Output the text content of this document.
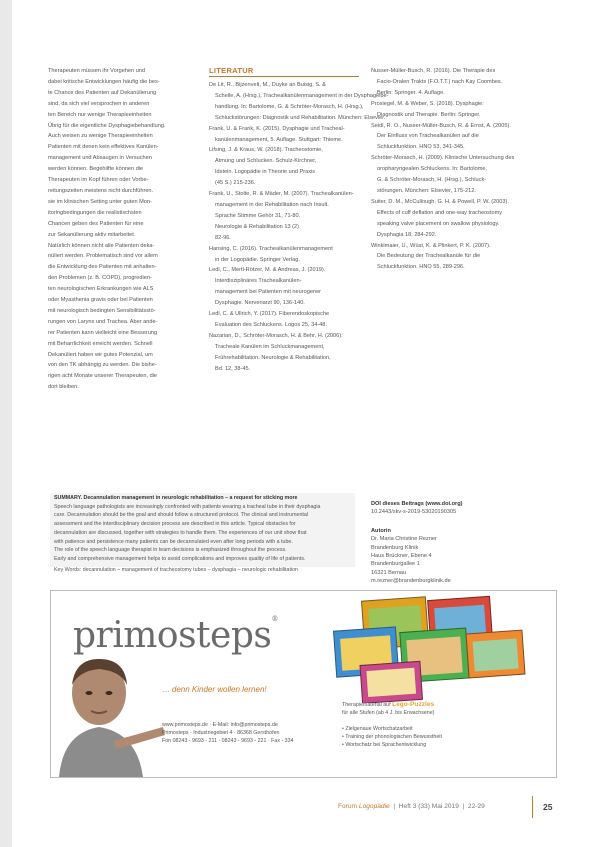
Therapeuten müssen ihr Vorgehen und

dabei kritische Entwicklungen häufig die bes-

te Chance des Patienten auf Dekanülierung

sind, da sich viel versprochen in anderen

ten Bereich nur wenige Therapieeinheiten

Übrig für die eigentliche Dysphagiebehandlung.

Auch weisen zu wenige Therapieeinheiten

Patienten mit denen kein effektives Kanülen-

management und Absaugen in Versuchen

werden können. Begehilfte können die

Therapeuten im Kopf führen oder Vorbe-

reitungszeiten meistens nicht durchführen.

sie im klinischen Setting unter guten Mon-

itoringbedingungen die realistischsten

Chancen geben des Patienten für eine

zur Sekanülierung aktiv mitarbeitet.

Natürlich können nicht alle Patienten deka-

nüliert werden. Problematisch sind vor allem

die Entwicklung des Patienten mit anhalten-

den Problemen (z. B. COPD), progredien-

ten neurologischen Erkrankungen wie ALS

oder Myasthenia gravis oder bei Patienten

mit neurologisch bedingten Sensibilitätsstö-

rungen von Larynx und Trachea. Aber ande-

rer Patienten kann vielleicht eine Besserung

mit Beharrlichkeit erreicht werden. Schnell

Dekanüliert haben wir gutes Potenzial, um

von den TK abhängig zu werden. Die bishe-

rigen acht Monate unserer Therapeuten, die

dort bleiben.

LITERATUR

De Lit, R., Bijzenvelt, M., Duyke an Buisig, S. &

Schelle, A. (Hrsg.), Trachealkanülenmanagement in der Dysphagiebe-

handlung. In: Bartolome, G. & Schröter-Morasch, H. (Hrsg.),

Schluckstörungen: Diagnostik und Rehabilitation. München: Elsevier.

Frank, U. & Frank, K. (2015). Dysphagie und Tracheal-

kanülenmanagement, 5. Auflage. Stuttgart: Thieme.

Lifsing, J. & Kraus, W. (2018). Tracheostomie,

Atmung und Schlucken. Schulz-Kirchner,

Idstein. Logopädie in Theorie und Praxis

(45 S.) 215-236.

Frank, U., Stolte, R. & Mäder, M. (2007). Trachealkanülen-

management in der Rehabilitation nach Insult.

Sprache Stimme Gehör 31, 71-80.

Neurologie & Rehabilitation 13 (2)

82-96.

Hansing, C. (2016). Trachealkanülenmanagement

in der Logopädie. Springer Verlag.

Ledl, C., Mertl-Rötzer, M. & Andreas, J. (2019).

Interdisziplinäres Trachealkanülen-

management bei Patienten mit neurogener

Dysphagie. Nervenarzt 90, 136-140.

Ledl, C. & Ullrich, Y. (2017). Fiberendoskopische

Evaluation des Schluckens. Logos 25, 34-48.

Nazarian, D., Schröter-Morasch, H. & Behr, H. (2006).

Tracheale Kanülen im Schluckmanagement,

Frührehabilitation. Neurologie & Rehabilitation,

Bd. 12, 38-45.

Nusser-Müller-Busch, R. (2016). Die Therapie des

Facio-Oralen Trakts (F.O.T.T.) nach Kay Coombes.

Berlin: Springer. 4. Auflage.

Prosiegel, M. & Weber, S. (2018). Dysphagie:

Diagnostik und Therapie. Berlin: Springer.

Seidl, R. O., Nusser-Müller-Busch, R. & Ernst, A. (2005).

Der Einfluss von Trachealkanülen auf die

Schluckfunktion. HNO 53, 341-345.

Schröter-Morasch, H. (2009). Klinische Untersuchung des

oropharyngealen Schluckens. In: Bartolome,

G. & Schröter-Morasch, H. (Hrsg.), Schluck-

störungen. München: Elsevier, 175-212.

Suiter, D. M., McCullough, G. H. & Powell, P. W. (2003).

Effects of cuff deflation and one-way tracheostomy

speaking valve placement on swallow physiology.

Dysphagia 18, 284-292.

Winklmaier, U., Wüst, K. & Plinkert, P. K. (2007).

Die Bedeutung der Trachealkanüle für die

Schluckfunktion. HNO 55, 289-296.

SUMMARY. Decannulation management in neurologic rehabilitation – a request for sticking more

Speech language pathologists are increasingly confronted with patients wearing a tracheal tube in their dysphagia

care. Decannulation should be the goal and should follow a structured protocol. The clinical and instrumental

assessment and the interdisciplinary decision process are described in this article. Typical obstacles for

decannulation are discussed, together with strategies to handle them. The experiences of our unit show that

with patience and persistence many patients can be decannulated even after long periods with a tube.

The role of the speech language therapist in team decisions is emphasized throughout the process.

Early and comprehensive management helps to avoid complications and improves quality of life of patients.

Key Words: decannulation – management of tracheostomy tubes – dysphagia – neurologic rehabilitation

DOI dieses Beitrags (www.doi.org)

10.2443/skv-s-2019-53020190305

Autorin

Dr. Maria Christine Rezner

Brandenburg Klinik

Haus Brückner, Ebene 4

Brandenburgallee 1

16321 Bernau

m.rezner@brandenburgklinik.de

primosteps®
... denn Kinder wollen lernen!

www.primosteps.de · E-Mail: info@primosteps.de

Primosteps · Industriegebiet 4 · 86368 Gersthofen

Fon 08243 - 9693 - 211 · 08243 - 9693 - 221 · Fax - 334

Therapiematerial auf Lego-Puzzles

für alle Stufen (ab 4 J. bis Erwachsene)

• Zielgenaue Wortschatzarbeit
• Training der phonologischen Bewusstheit
• Wortschatz bei Sprachentwicklung
Forum Logopädie  |  Heft 3 (33) Mai 2019  |  22-29	25
